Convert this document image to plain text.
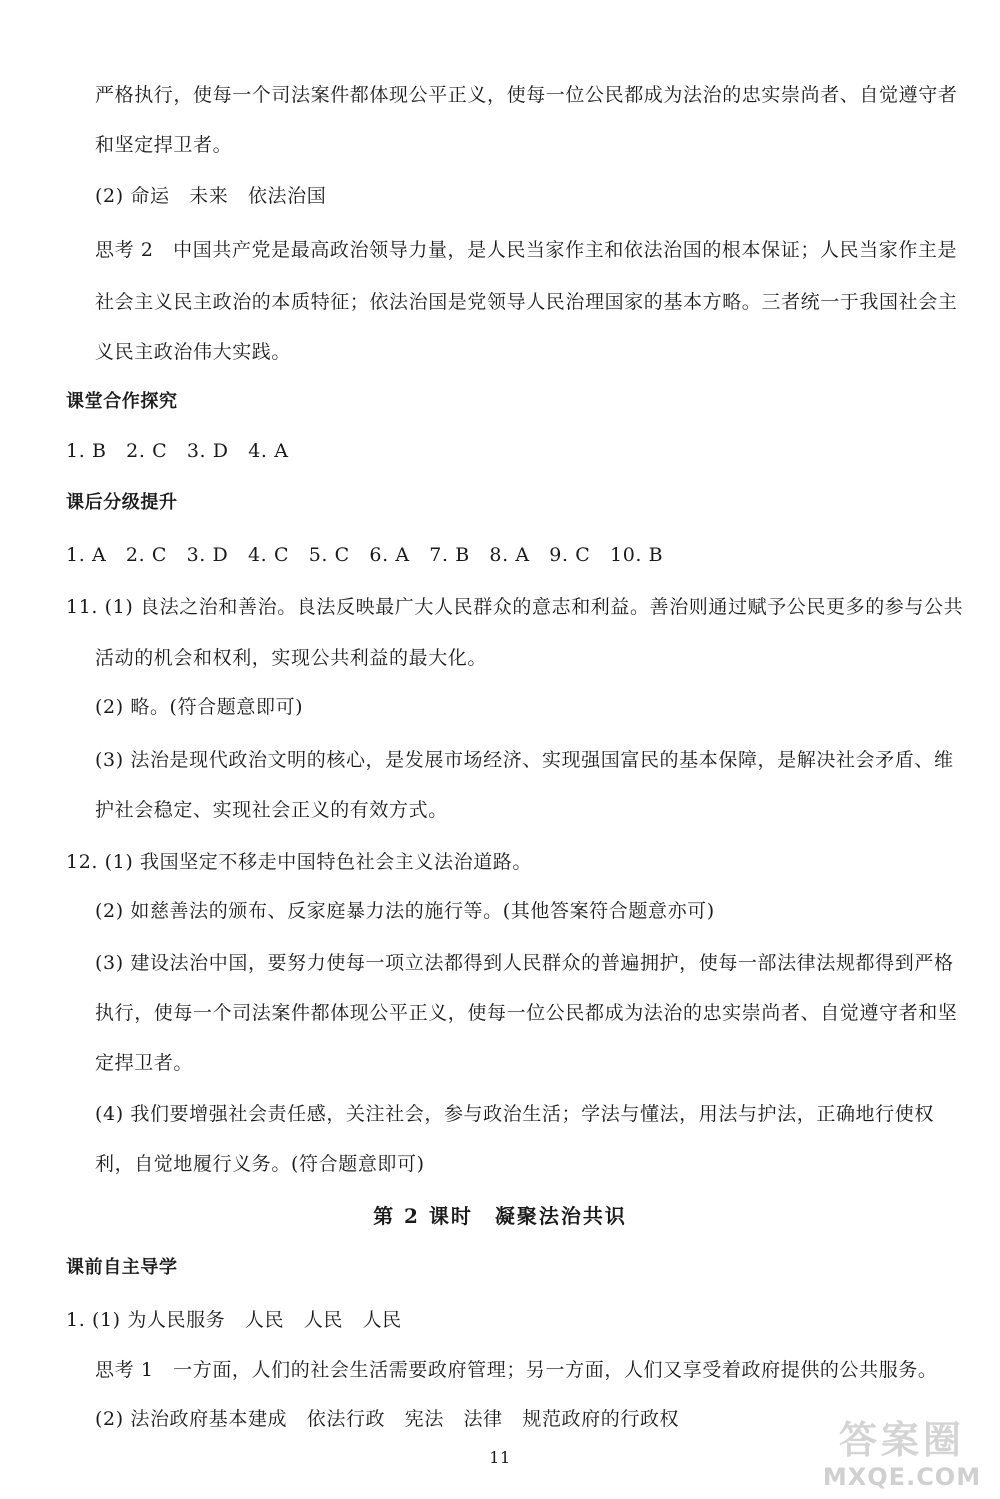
严格执行，使每一个司法案件都体现公平正义，使每一位公民都成为法治的忠实崇尚者、自觉遵守者
和坚定捍卫者。
(2) 命运　未来　依法治国
思考 2　中国共产党是最高政治领导力量，是人民当家作主和依法治国的根本保证；人民当家作主是
社会主义民主政治的本质特征；依法治国是党领导人民治理国家的基本方略。三者统一于我国社会主
义民主政治伟大实践。
课堂合作探究
1. B　2. C　3. D　4. A
课后分级提升
1. A　2. C　3. D　4. C　5. C　6. A　7. B　8. A　9. C　10. B
11. (1) 良法之治和善治。良法反映最广大人民群众的意志和利益。善治则通过赋予公民更多的参与公共
活动的机会和权利，实现公共利益的最大化。
(2) 略。(符合题意即可)
(3) 法治是现代政治文明的核心，是发展市场经济、实现强国富民的基本保障，是解决社会矛盾、维
护社会稳定、实现社会正义的有效方式。
12. (1) 我国坚定不移走中国特色社会主义法治道路。
(2) 如慈善法的颁布、反家庭暴力法的施行等。(其他答案符合题意亦可)
(3) 建设法治中国，要努力使每一项立法都得到人民群众的普遍拥护，使每一部法律法规都得到严格
执行，使每一个司法案件都体现公平正义，使每一位公民都成为法治的忠实崇尚者、自觉遵守者和坚
定捍卫者。
(4) 我们要增强社会责任感，关注社会，参与政治生活；学法与懂法，用法与护法，正确地行使权
利，自觉地履行义务。(符合题意即可)
第 2 课时　凝聚法治共识
课前自主导学
1. (1) 为人民服务　人民　人民　人民
思考 1　一方面，人们的社会生活需要政府管理；另一方面，人们又享受着政府提供的公共服务。
(2) 法治政府基本建成　依法行政　宪法　法律　规范政府的行政权
11	答案圈
MXQE.COM
